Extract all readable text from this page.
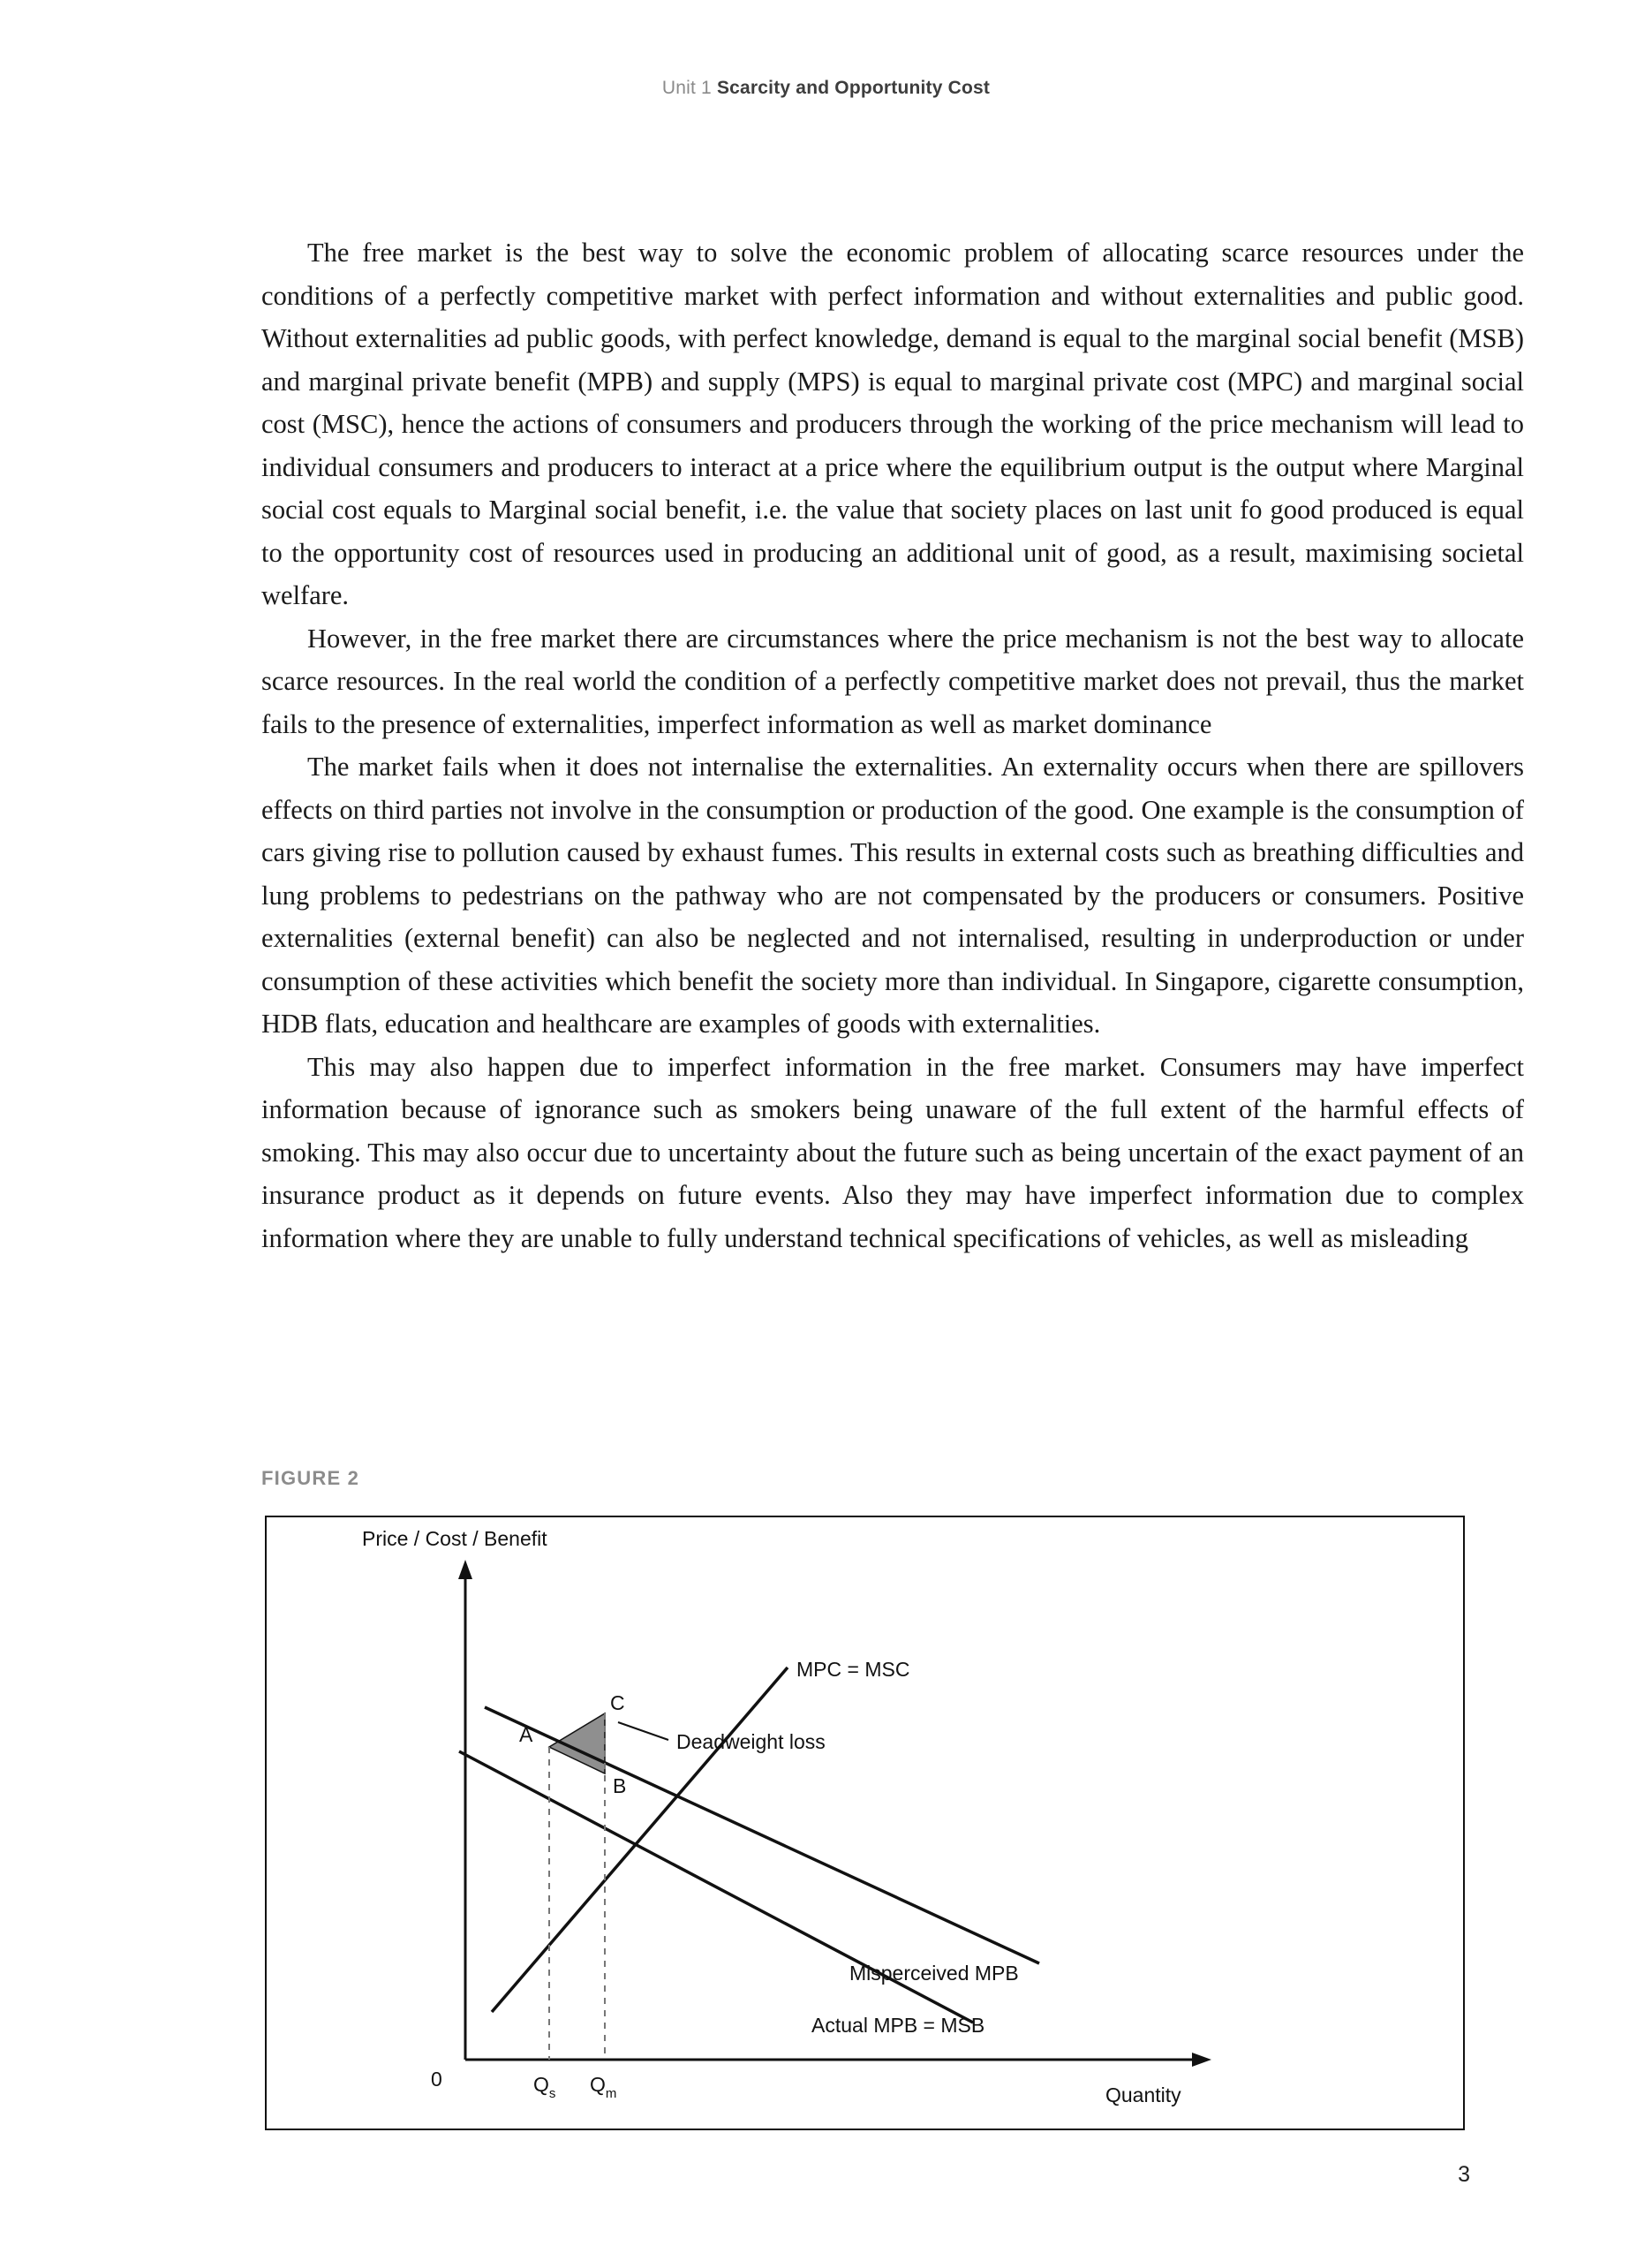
Unit 1 Scarcity and Opportunity Cost

The free market is the best way to solve the economic problem of allocating scarce resources under the conditions of a perfectly competitive market with perfect information and without externalities and public good. Without externalities ad public goods, with perfect knowledge, demand is equal to the marginal social benefit (MSB) and marginal private benefit (MPB) and supply (MPS) is equal to marginal private cost (MPC) and marginal social cost (MSC), hence the actions of consumers and producers through the working of the price mechanism will lead to individual consumers and producers to interact at a price where the equilibrium output is the output where Marginal social cost equals to Marginal social benefit, i.e. the value that society places on last unit fo good produced is equal to the opportunity cost of resources used in producing an additional unit of good, as a result, maximising societal welfare.

However, in the free market there are circumstances where the price mechanism is not the best way to allocate scarce resources. In the real world the condition of a perfectly competitive market does not prevail, thus the market fails to the presence of externalities, imperfect information as well as market dominance

The market fails when it does not internalise the externalities. An externality occurs when there are spillovers effects on third parties not involve in the consumption or production of the good. One example is the consumption of cars giving rise to pollution caused by exhaust fumes. This results in external costs such as breathing difficulties and lung problems to pedestrians on the pathway who are not compensated by the producers or consumers. Positive externalities (external benefit) can also be neglected and not internalised, resulting in underproduction or under consumption of these activities which benefit the society more than individual. In Singapore, cigarette consumption, HDB flats, education and healthcare are examples of goods with externalities.

This may also happen due to imperfect information in the free market. Consumers may have imperfect information because of ignorance such as smokers being unaware of the full extent of the harmful effects of smoking. This may also occur due to uncertainty about the future such as being uncertain of the exact payment of an insurance product as it depends on future events. Also they may have imperfect information due to complex information where they are unable to fully understand technical specifications of vehicles, as well as misleading

FIGURE 2
Price / Cost / Benefit
MPC = MSC
Deadweight loss
Misperceived MPB
Actual MPB = MSB
A
B
C
0	$Q_s$ $Q_m$	Quantity
3
